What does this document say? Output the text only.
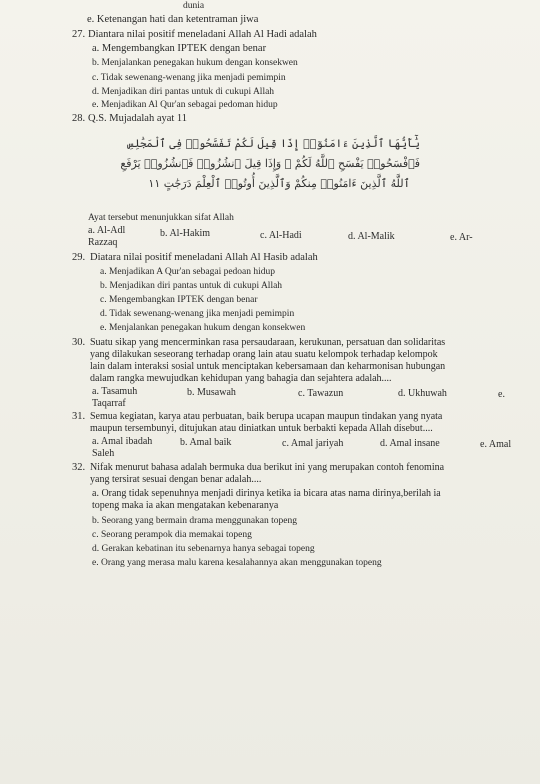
dunia
e. Ketenangan hati dan ketentraman jiwa
27. Diantara nilai positif meneladani Allah Al Hadi adalah
a. Mengembangkan IPTEK dengan benar
b. Menjalankan penegakan hukum dengan konsekwen
c. Tidak sewenang-wenang jika menjadi pemimpin
d. Menjadikan diri pantas untuk di cukupi Allah
e. Menjadikan Al Qur'an sebagai pedoman hidup
28. Q.S. Mujadalah ayat 11
يَٰٓأَيُّهَا ٱلَّذِينَ ءَامَنُوٓا۟ إِذَا قِيلَ لَكُمْ تَفَسَّحُوا۟ فِى ٱلْمَجَٰلِسِ
فَٱفْسَحُوا۟ يَفْسَحِ ٱللَّهُ لَكُمْ ۖ وَإِذَا قِيلَ ٱنشُزُوا۟ فَٱنشُزُوا۟ يَرْفَعِ
ٱللَّهُ ٱلَّذِينَ ءَامَنُوا۟ مِنكُمْ وَٱلَّذِينَ أُوتُوا۟ ٱلْعِلْمَ دَرَجَٰتٍ ١١
Ayat tersebut menunjukkan sifat Allah
a. Al-Adl	b. Al-Hakim	c. Al-Hadi	d. Al-Malik	e. Ar-
Razzaq
29. Diatara nilai positif meneladani Allah Al Hasib adalah
a. Menjadikan A Qur'an sebagai pedoan hidup
b. Menjadikan diri pantas untuk di cukupi Allah
c. Mengembangkan IPTEK dengan benar
d. Tidak sewenang-wenang jika menjadi pemimpin
e. Menjalankan penegakan hukum dengan konsekwen
30. Suatu sikap yang mencerminkan rasa persaudaraan, kerukunan, persatuan dan solidaritas
yang dilakukan seseorang terhadap orang lain atau suatu kelompok terhadap kelompok
lain dalam interaksi sosial untuk menciptakan kebersamaan dan keharmonisan hubungan
dalam rangka mewujudkan kehidupan yang bahagia dan sejahtera adalah....
a. Tasamuh	b. Musawah	c. Tawazun	d. Ukhuwah	e.
Taqarraf
31. Semua kegiatan, karya atau perbuatan, baik berupa ucapan maupun tindakan yang nyata
maupun tersembunyi, ditujukan atau diniatkan untuk berbakti kepada Allah disebut....
a. Amal ibadah	b. Amal baik	c. Amal jariyah	d. Amal insane	e. Amal
Saleh
32. Nifak menurut bahasa adalah bermuka dua berikut ini yang merupakan contoh fenomina
yang tersirat sesuai dengan benar adalah....
a. Orang tidak sepenuhnya menjadi dirinya ketika ia bicara atas nama dirinya,berilah ia
topeng maka ia akan mengatakan kebenaranya
b. Seorang yang bermain drama menggunakan topeng
c. Seorang perampok dia memakai topeng
d. Gerakan kebatinan itu sebenarnya hanya sebagai topeng
e. Orang yang merasa malu karena kesalahannya akan menggunakan topeng
